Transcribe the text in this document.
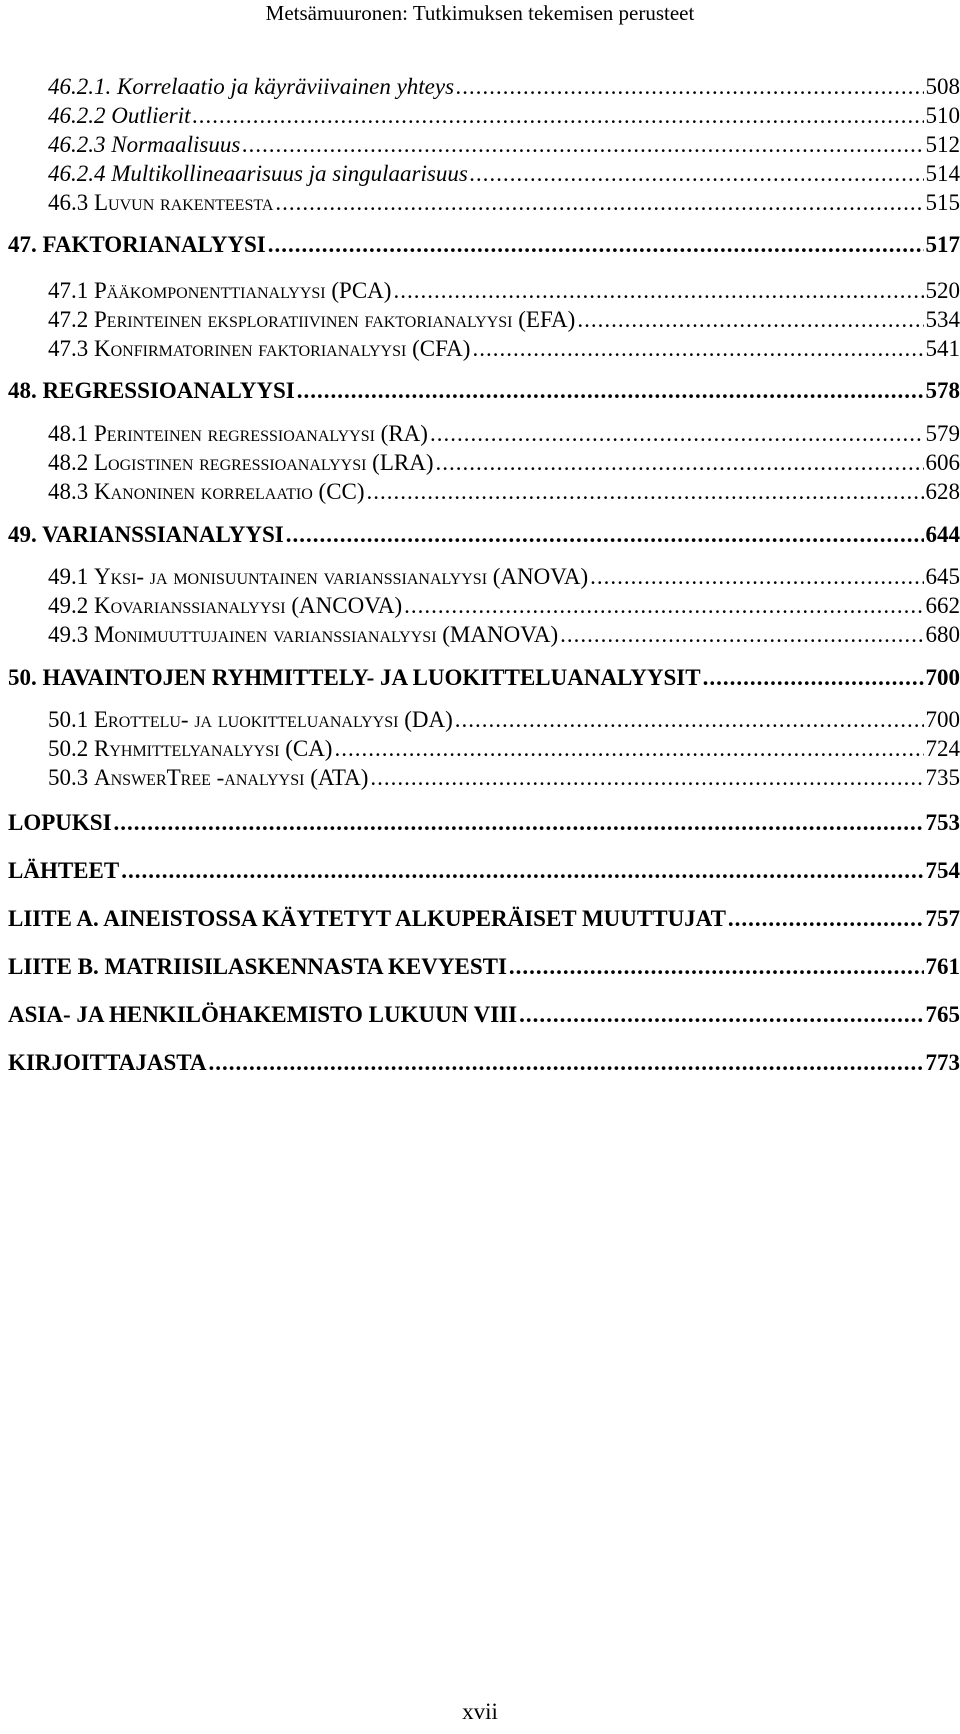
Metsämuuronen: Tutkimuksen tekemisen perusteet
46.2.1. Korrelaatio ja käyräviivainen yhteys .....	508
46.2.2 Outlierit .....	510
46.2.3 Normaalisuus .....	512
46.2.4 Multikollineaarisuus ja singulaarisuus .....	514
46.3 Luvun rakenteesta .....	515
47. FAKTORIANALYYSI .....	517
47.1 Pääkomponenttianalyysi (PCA) .....	520
47.2 Perinteinen eksploratiivinen faktorianalyysi (EFA) .....	534
47.3 Konfirmatorinen faktorianalyysi (CFA) .....	541
48. REGRESSIOANALYYSI .....	578
48.1 Perinteinen regressioanalyysi (RA) .....	579
48.2 Logistinen regressioanalyysi (LRA) .....	606
48.3 Kanoninen korrelaatio (CC) .....	628
49. VARIANSSIANALYYSI .....	644
49.1 Yksi- ja monisuuntainen varianssianalyysi (ANOVA) .....	645
49.2 Kovarianssianalyysi (ANCOVA) .....	662
49.3 Monimuuttujainen varianssianalyysi (MANOVA) .....	680
50. HAVAINTOJEN RYHMITTELY- JA LUOKITTELUANALYYSIT .....	700
50.1 Erottelu- ja luokitteluanalyysi (DA) .....	700
50.2 Ryhmittelyanalyysi (CA) .....	724
50.3 AnswerTree -analyysi (ATA) .....	735
LOPUKSI .....	753
LÄHTEET .....	754
LIITE A. AINEISTOSSA KÄYTETYT ALKUPERÄISET MUUTTUJAT .....	757
LIITE B. MATRIISILASKENNASTA KEVYESTI .....	761
ASIA- JA HENKILÖHAKEMISTO LUKUUN VIII .....	765
KIRJOITTAJASTA .....	773
xvii
